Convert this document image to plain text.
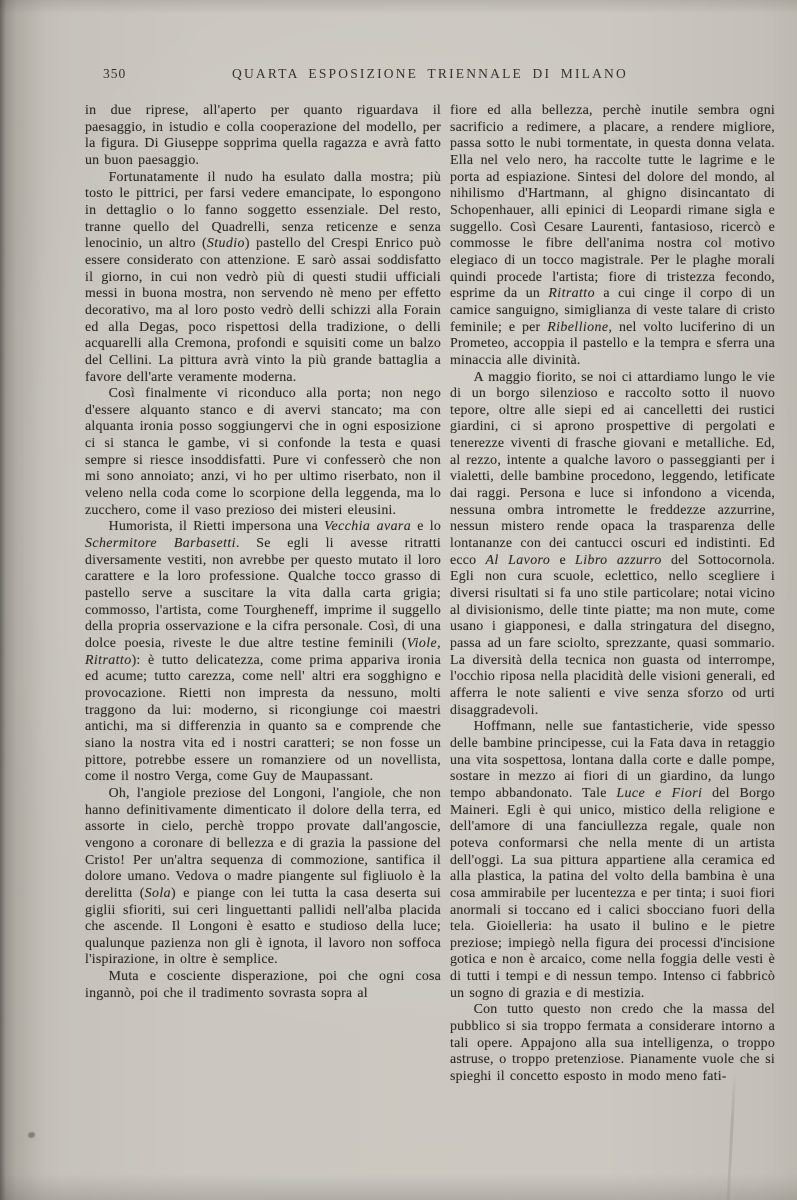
350	QUARTA ESPOSIZIONE TRIENNALE DI MILANO

in due riprese, all'aperto per quanto riguardava il paesaggio, in istudio e colla cooperazione del modello, per la figura. Di Giuseppe sopprima quella ragazza e avrà fatto un buon paesaggio.

Fortunatamente il nudo ha esulato dalla mostra; più tosto le pittrici, per farsi vedere emancipate, lo espongono in dettaglio o lo fanno soggetto essenziale. Del resto, tranne quello del Quadrelli, senza reticenze e senza lenocinio, un altro (Studio) pastello del Crespi Enrico può essere considerato con attenzione. E sarò assai soddisfatto il giorno, in cui non vedrò più di questi studii ufficiali messi in buona mostra, non servendo nè meno per effetto decorativo, ma al loro posto vedrò delli schizzi alla Forain ed alla Degas, poco rispettosi della tradizione, o delli acquarelli alla Cremona, profondi e squisiti come un balzo del Cellini. La pittura avrà vinto la più grande battaglia a favore dell'arte veramente moderna.

Così finalmente vi riconduco alla porta; non nego d'essere alquanto stanco e di avervi stancato; ma con alquanta ironia posso soggiungervi che in ogni esposizione ci si stanca le gambe, vi si confonde la testa e quasi sempre si riesce insoddisfatti. Pure vi confesserò che non mi sono annoiato; anzi, vi ho per ultimo riserbato, non il veleno nella coda come lo scorpione della leggenda, ma lo zucchero, come il vaso prezioso dei misteri eleusini.

Humorista, il Rietti impersona una Vecchia avara e lo Schermitore Barbasetti. Se egli li avesse ritratti diversamente vestiti, non avrebbe per questo mutato il loro carattere e la loro professione. Qualche tocco grasso di pastello serve a suscitare la vita dalla carta grigia; commosso, l'artista, come Tourgheneff, imprime il suggello della propria osservazione e la cifra personale. Così, di una dolce poesia, riveste le due altre testine feminili (Viole, Ritratto): è tutto delicatezza, come prima appariva ironia ed acume; tutto carezza, come nell' altri era sogghigno e provocazione. Rietti non impresta da nessuno, molti traggono da lui: moderno, si ricongiunge coi maestri antichi, ma si differenzia in quanto sa e comprende che siano la nostra vita ed i nostri caratteri; se non fosse un pittore, potrebbe essere un romanziere od un novellista, come il nostro Verga, come Guy de Maupassant.

Oh, l'angiole preziose del Longoni, l'angiole, che non hanno definitivamente dimenticato il dolore della terra, ed assorte in cielo, perchè troppo provate dall'angoscie, vengono a coronare di bellezza e di grazia la passione del Cristo! Per un'altra sequenza di commozione, santifica il dolore umano. Vedova o madre piangente sul figliuolo è la derelitta (Sola) e piange con lei tutta la casa deserta sui giglii sfioriti, sui ceri linguettanti pallidi nell'alba placida che ascende. Il Longoni è esatto e studioso della luce; qualunque pazienza non gli è ignota, il lavoro non soffoca l'ispirazione, in oltre è semplice.

Muta e cosciente disperazione, poi che ogni cosa ingannò, poi che il tradimento sovrasta sopra al

fiore ed alla bellezza, perchè inutile sembra ogni sacrificio a redimere, a placare, a rendere migliore, passa sotto le nubi tormentate, in questa donna velata. Ella nel velo nero, ha raccolte tutte le lagrime e le porta ad espiazione. Sintesi del dolore del mondo, al nihilismo d'Hartmann, al ghigno disincantato di Schopenhauer, alli epinici di Leopardi rimane sigla e suggello. Così Cesare Laurenti, fantasioso, ricercò e commosse le fibre dell'anima nostra col motivo elegiaco di un tocco magistrale. Per le plaghe morali quindi procede l'artista; fiore di tristezza fecondo, esprime da un Ritratto a cui cinge il corpo di un camice sanguigno, simiglianza di veste talare di cristo feminile; e per Ribellione, nel volto luciferino di un Prometeo, accoppia il pastello e la tempra e sferra una minaccia alle divinità.

A maggio fiorito, se noi ci attardiamo lungo le vie di un borgo silenzioso e raccolto sotto il nuovo tepore, oltre alle siepi ed ai cancelletti dei rustici giardini, ci si aprono prospettive di pergolati e tenerezze viventi di frasche giovani e metalliche. Ed, al rezzo, intente a qualche lavoro o passeggianti per i vialetti, delle bambine procedono, leggendo, letificate dai raggi. Persona e luce si infondono a vicenda, nessuna ombra intromette le freddezze azzurrine, nessun mistero rende opaca la trasparenza delle lontananze con dei cantucci oscuri ed indistinti. Ed ecco Al Lavoro e Libro azzurro del Sottocornola. Egli non cura scuole, eclettico, nello scegliere i diversi risultati si fa uno stile particolare; notai vicino al divisionismo, delle tinte piatte; ma non mute, come usano i giapponesi, e dalla stringatura del disegno, passa ad un fare sciolto, sprezzante, quasi sommario. La diversità della tecnica non guasta od interrompe, l'occhio riposa nella placidità delle visioni generali, ed afferra le note salienti e vive senza sforzo od urti disaggradevoli.

Hoffmann, nelle sue fantasticherie, vide spesso delle bambine principesse, cui la Fata dava in retaggio una vita sospettosa, lontana dalla corte e dalle pompe, sostare in mezzo ai fiori di un giardino, da lungo tempo abbandonato. Tale Luce e Fiori del Borgo Maineri. Egli è qui unico, mistico della religione e dell'amore di una fanciullezza regale, quale non poteva conformarsi che nella mente di un artista dell'oggi. La sua pittura appartiene alla ceramica ed alla plastica, la patina del volto della bambina è una cosa ammirabile per lucentezza e per tinta; i suoi fiori anormali si toccano ed i calici sbocciano fuori della tela. Gioielleria: ha usato il bulino e le pietre preziose; impiegò nella figura dei processi d'incisione gotica e non è arcaico, come nella foggia delle vesti è di tutti i tempi e di nessun tempo. Intenso ci fabbricò un sogno di grazia e di mestizia.

Con tutto questo non credo che la massa del pubblico si sia troppo fermata a considerare intorno a tali opere. Appajono alla sua intelligenza, o troppo astruse, o troppo pretenziose. Pianamente vuole che si spieghi il concetto esposto in modo meno fati-
